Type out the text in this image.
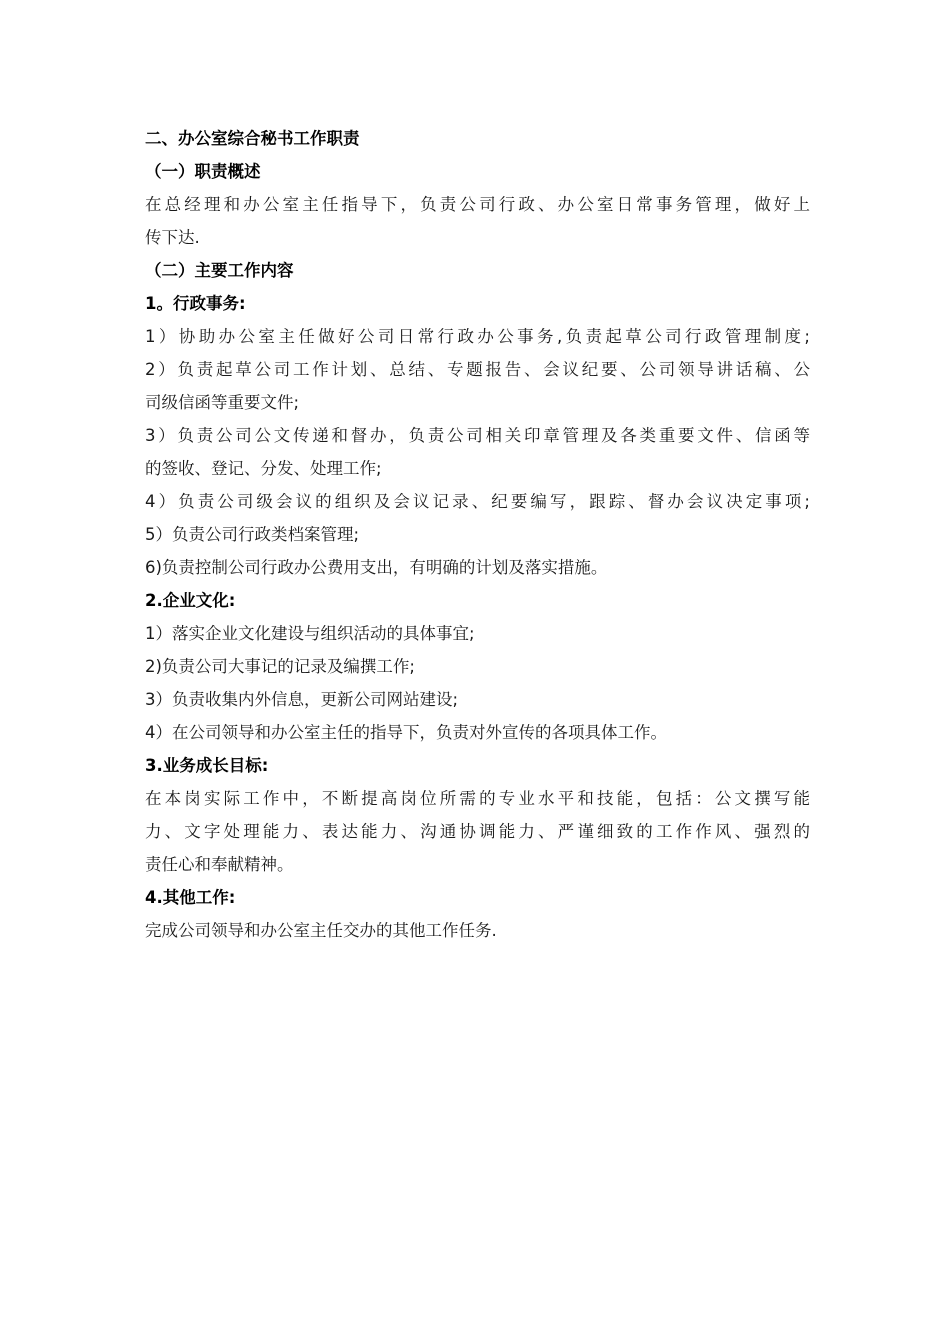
二、办公室综合秘书工作职责
（一）职责概述
在总经理和办公室主任指导下，负责公司行政、办公室日常事务管理，做好上
传下达.
（二）主要工作内容
1。行政事务:
1）协助办公室主任做好公司日常行政办公事务,负责起草公司行政管理制度;
2）负责起草公司工作计划、总结、专题报告、会议纪要、公司领导讲话稿、公
司级信函等重要文件;
3）负责公司公文传递和督办，负责公司相关印章管理及各类重要文件、信函等
的签收、登记、分发、处理工作;
4）负责公司级会议的组织及会议记录、纪要编写，跟踪、督办会议决定事项;
5）负责公司行政类档案管理;
6)负责控制公司行政办公费用支出，有明确的计划及落实措施。
2.企业文化:
1）落实企业文化建设与组织活动的具体事宜;
2)负责公司大事记的记录及编撰工作;
3）负责收集内外信息，更新公司网站建设;
4）在公司领导和办公室主任的指导下，负责对外宣传的各项具体工作。
3.业务成长目标:
在本岗实际工作中，不断提高岗位所需的专业水平和技能，包括：公文撰写能
力、文字处理能力、表达能力、沟通协调能力、严谨细致的工作作风、强烈的
责任心和奉献精神。
4.其他工作:
完成公司领导和办公室主任交办的其他工作任务.
